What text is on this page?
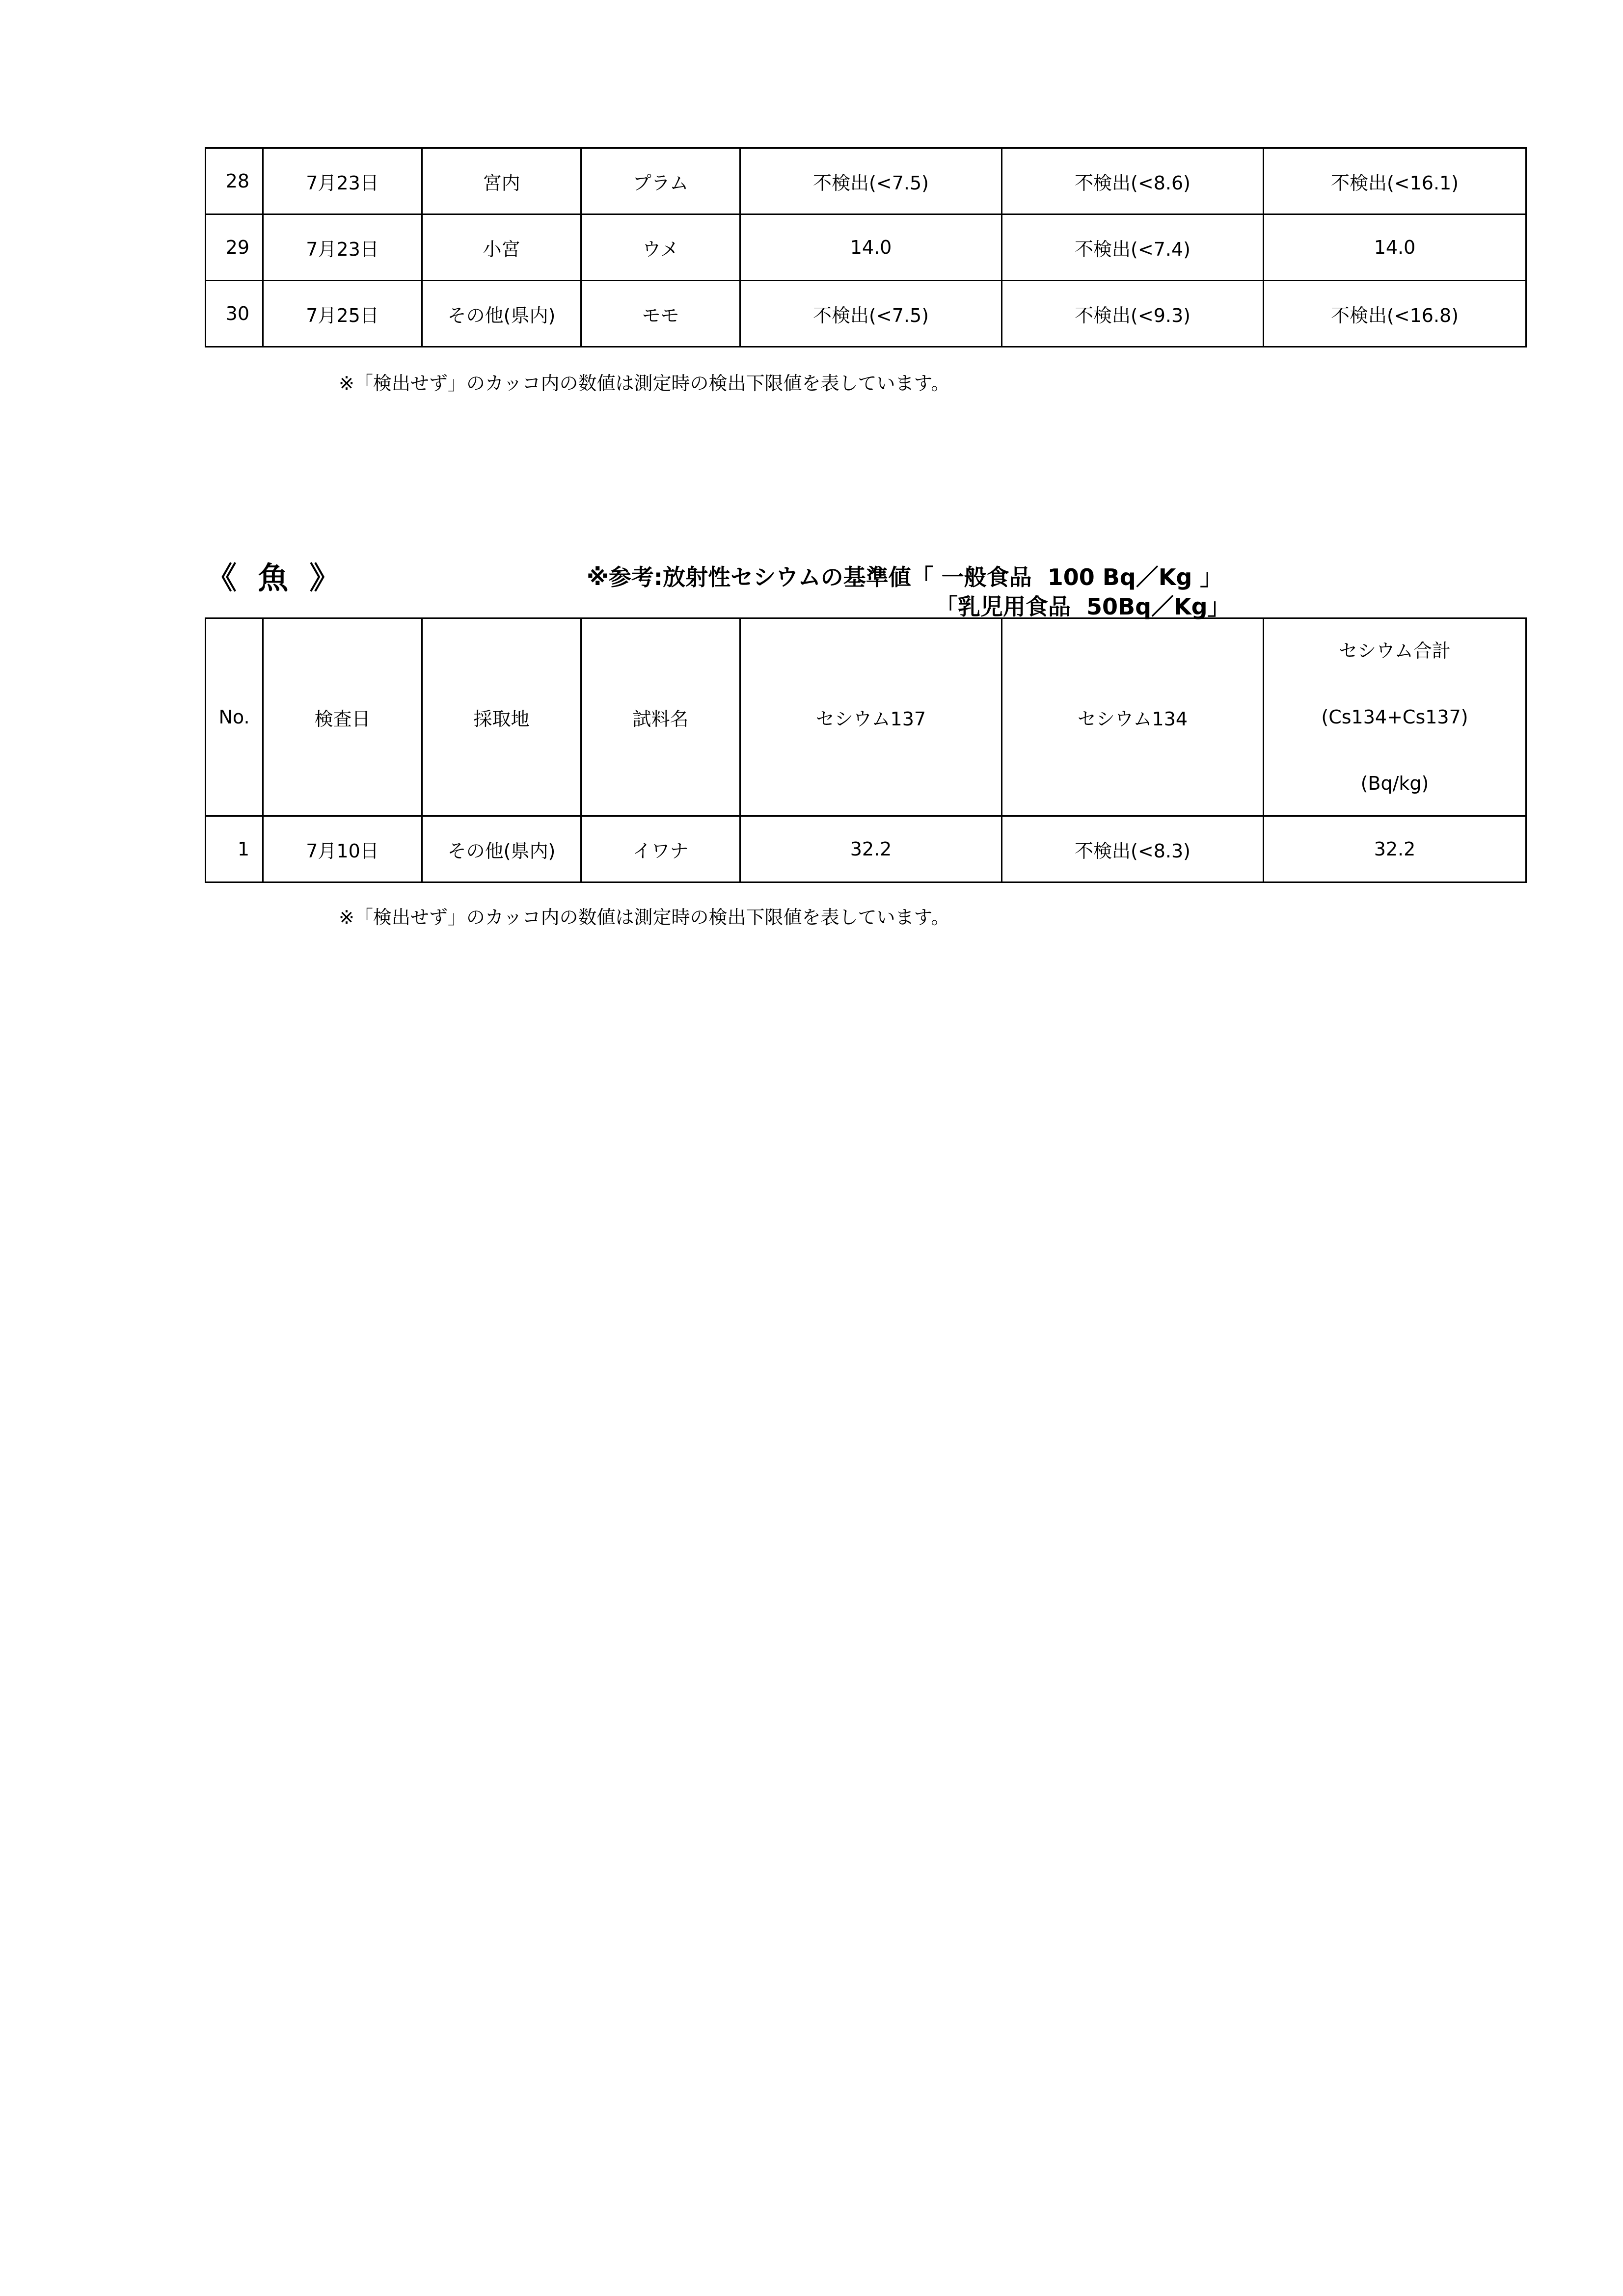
28	7月23日	宮内	プラム	不検出(<7.5)	不検出(<8.6)	不検出(<16.1)
29	7月23日	小宮	ウメ	14.0	不検出(<7.4)	14.0
30	7月25日	その他(県内)	モモ	不検出(<7.5)	不検出(<9.3)	不検出(<16.8)
※「検出せず」のカッコ内の数値は測定時の検出下限値を表しています。
《  魚  》	※参考:放射性セシウムの基準値「 一般食品  100 Bq／Kg 」
「乳児用食品  50Bq／Kg」
No.	検査日	採取地	試料名	セシウム137	セシウム134	セシウム合計
(Cs134+Cs137)
(Bq/kg)

1	7月10日	その他(県内)	イワナ	32.2	不検出(<8.3)	32.2
※「検出せず」のカッコ内の数値は測定時の検出下限値を表しています。
